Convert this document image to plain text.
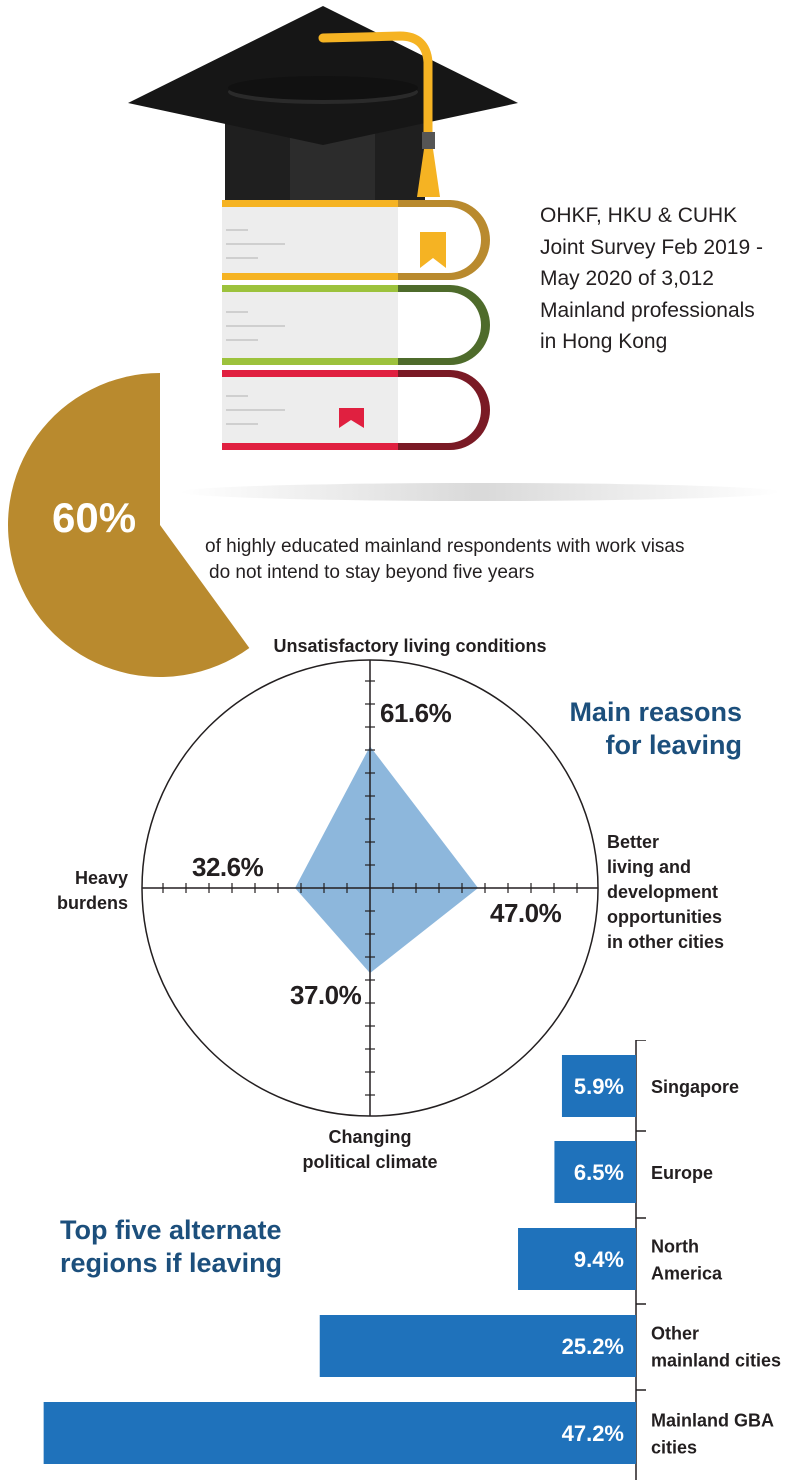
OHKF, HKU & CUHK
Joint Survey Feb 2019 -
May 2020 of 3,012
Mainland professionals
in Hong Kong
60%
of highly educated mainland respondents with work visas
do not intend to stay beyond five years
Main reasons
for leaving
Unsatisfactory living conditions
Heavy
burdens
Better
living and
development
opportunities
in other cities
Changing
political climate
61.6%
32.6%
47.0%
37.0%
Top five alternate
regions if leaving
5.9% Singapore
6.5% Europe
9.4%
North America
25.2%
Other mainland cities
47.2%
Mainland GBA cities
